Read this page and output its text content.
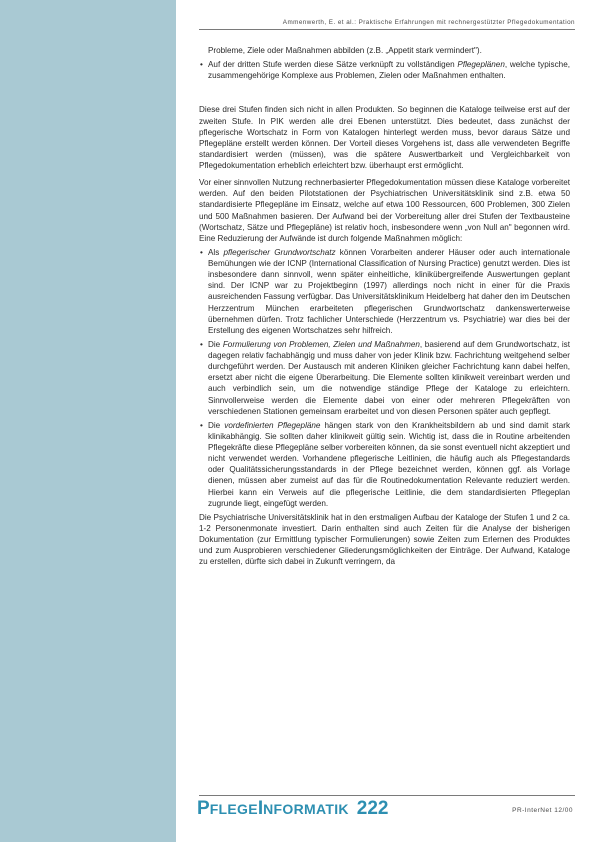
Ammenwerth, E. et al.: Praktische Erfahrungen mit rechnergestützter Pflegedokumentation

Probleme, Ziele oder Maßnahmen abbilden (z.B. „Appetit stark vermindert").

• Auf der dritten Stufe werden diese Sätze verknüpft zu vollständigen Pflegeplänen, welche typische, zusammengehörige Komplexe aus Problemen, Zielen oder Maßnahmen enthalten.

Diese drei Stufen finden sich nicht in allen Produkten. So beginnen die Kataloge teilweise erst auf der zweiten Stufe. In PIK werden alle drei Ebenen unterstützt. Dies bedeutet, dass zunächst der pflegerische Wortschatz in Form von Katalogen hinterlegt werden muss, bevor daraus Sätze und Pflegepläne erstellt werden können. Der Vorteil dieses Vorgehens ist, dass alle verwendeten Begriffe standardisiert werden (müssen), was die spätere Auswertbarkeit und Vergleichbarkeit von Pflegedokumentation erheblich erleichtert bzw. überhaupt erst ermöglicht.

Vor einer sinnvollen Nutzung rechnerbasierter Pflegedokumentation müssen diese Kataloge vorbereitet werden. Auf den beiden Pilotstationen der Psychiatrischen Universitätsklinik sind z.B. etwa 50 standardisierte Pflegepläne im Einsatz, welche auf etwa 100 Ressourcen, 600 Problemen, 300 Zielen und 500 Maßnahmen basieren. Der Aufwand bei der Vorbereitung aller drei Stufen der Textbausteine (Wortschatz, Sätze und Pflegepläne) ist relativ hoch, insbesondere wenn „von Null an" begonnen wird. Eine Reduzierung der Aufwände ist durch folgende Maßnahmen möglich:

• Als pflegerischer Grundwortschatz können Vorarbeiten anderer Häuser oder auch internationale Bemühungen wie der ICNP (International Classification of Nursing Practice) genutzt werden. Dies ist insbesondere dann sinnvoll, wenn später einheitliche, klinikübergreifende Auswertungen geplant sind. Der ICNP war zu Projektbeginn (1997) allerdings noch nicht in einer für die Praxis ausreichenden Fassung verfügbar. Das Universitätsklinikum Heidelberg hat daher den im Deutschen Herzzentrum München erarbeiteten pflegerischen Grundwortschatz dankenswerterweise übernehmen dürfen. Trotz fachlicher Unterschiede (Herzzentrum vs. Psychiatrie) war dies bei der Erstellung des eigenen Wortschatzes sehr hilfreich.
• Die Formulierung von Problemen, Zielen und Maßnahmen, basierend auf dem Grundwortschatz, ist dagegen relativ fachabhängig und muss daher von jeder Klinik bzw. Fachrichtung weitgehend selber durchgeführt werden. Der Austausch mit anderen Kliniken gleicher Fachrichtung kann dabei helfen, ersetzt aber nicht die eigene Überarbeitung. Die Elemente sollten klinikweit vereinbart werden und auch verbindlich sein, um die notwendige ständige Pflege der Kataloge zu erleichtern. Sinnvollerweise werden die Elemente dabei von einer oder mehreren Pflegekräften von verschiedenen Stationen gemeinsam erarbeitet und von diesen Personen später auch gepflegt.
• Die vordefinierten Pflegepläne hängen stark von den Krankheitsbildern ab und sind damit stark klinikabhängig. Sie sollten daher klinikweit gültig sein. Wichtig ist, dass die in Routine arbeitenden Pflegekräfte diese Pflegepläne selber vorbereiten können, da sie sonst eventuell nicht akzeptiert und nicht verwendet werden. Vorhandene pflegerische Leitlinien, die häufig auch als Pflegestandards oder Qualitätssicherungsstandards in der Pflege bezeichnet werden, können ggf. als Vorlage dienen, müssen aber zumeist auf das für die Routinedokumentation Relevante reduziert werden. Hierbei kann ein Verweis auf die pflegerische Leitlinie, die dem standardisierten Pflegeplan zugrunde liegt, eingefügt werden.

Die Psychiatrische Universitätsklinik hat in den erstmaligen Aufbau der Kataloge der Stufen 1 und 2 ca. 1-2 Personenmonate investiert. Darin enthalten sind auch Zeiten für die Analyse der bisherigen Dokumentation (zur Ermittlung typischer Formulierungen) sowie Zeiten zum Erlernen des Produktes und zum Ausprobieren verschiedener Gliederungsmöglichkeiten der Einträge. Der Aufwand, Kataloge zu erstellen, dürfte sich dabei in Zukunft verringern, da

PFLEGEINFORMATIK 222	PR-InterNet 12/00
